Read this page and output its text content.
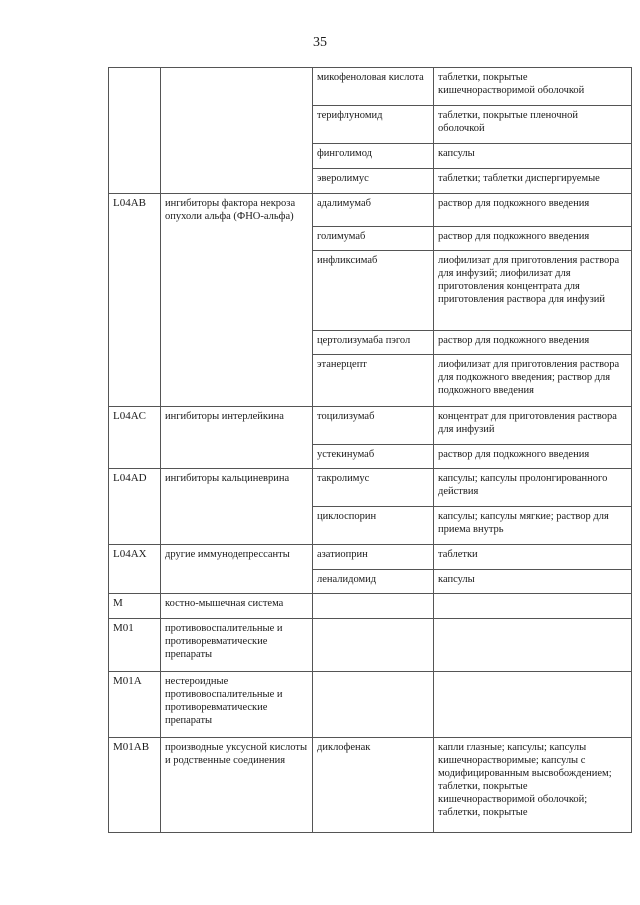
35
		микофеноловая кислота	таблетки, покрытые кишечнорастворимой оболочкой
		терифлуномид	таблетки, покрытые пленочной оболочкой
		финголимод	капсулы
		эверолимус	таблетки; таблетки диспергируемые
L04AB	ингибиторы фактора некроза опухоли альфа (ФНО-альфа)	адалимумаб	раствор для подкожного введения
		голимумаб	раствор для подкожного введения
		инфликсимаб	лиофилизат для приготовления раствора для инфузий; лиофилизат для приготовления концентрата для приготовления раствора для инфузий
		цертолизумаба пэгол	раствор для подкожного введения
		этанерцепт	лиофилизат для приготовления раствора для подкожного введения; раствор для подкожного введения
L04AC	ингибиторы интерлейкина	тоцилизумаб	концентрат для приготовления раствора для инфузий
		устекинумаб	раствор для подкожного введения
L04AD	ингибиторы кальциневрина	такролимус	капсулы; капсулы пролонгированного действия
		циклоспорин	капсулы; капсулы мягкие; раствор для приема внутрь
L04AX	другие иммунодепрессанты	азатиоприн	таблетки
		леналидомид	капсулы
M	костно-мышечная система		
M01	противовоспалительные и противоревматические препараты		
M01A	нестероидные противовоспалительные и противоревматические препараты		
M01AB	производные уксусной кислоты и родственные соединения	диклофенак	капли глазные; капсулы; капсулы кишечнорастворимые; капсулы с модифицированным высвобождением; таблетки, покрытые кишечнорастворимой оболочкой; таблетки, покрытые
